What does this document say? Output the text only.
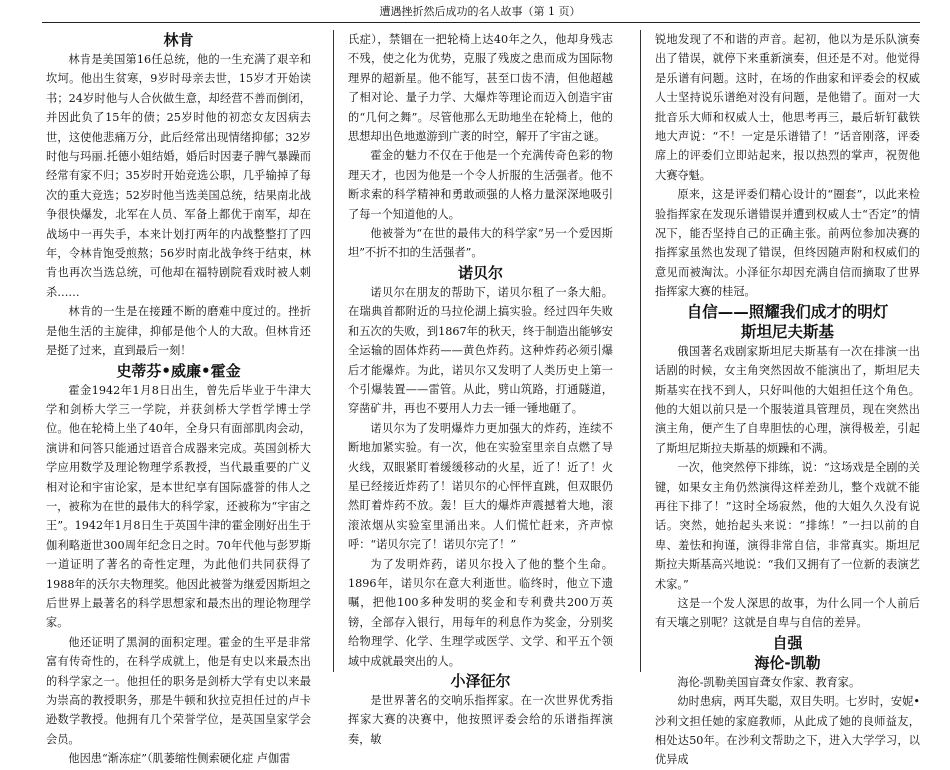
遭遇挫折然后成功的名人故事（第 1 页）
林肯

林肯是美国第16任总统，他的一生充满了艰辛和坎坷。他出生贫寒，9岁时母亲去世，15岁才开始读书；24岁时他与人合伙做生意，却经营不善而倒闭，并因此负了15年的债；25岁时他的初恋女友因病去世，这使他悲痛万分，此后经常出现情绪抑郁；32岁时他与玛丽.托德小姐结婚，婚后时因妻子脾气暴躁而经常有家不归；35岁时开始竞选公职，几乎输掉了每次的重大竞选；52岁时他当选美国总统，结果南北战争很快爆发，北军在人员、军备上都优于南军，却在战场中一再失手，本来计划打两年的内战整整打了四年，令林肯饱受煎熬；56岁时南北战争终于结束，林肯也再次当选总统，可他却在福特剧院看戏时被人刺杀……

林肯的一生是在接踵不断的磨难中度过的。挫折是他生活的主旋律，抑郁是他个人的大敌。但林肯还是挺了过来，直到最后一刻！

史蒂芬•威廉•霍金

霍金1942年1月8日出生，曾先后毕业于牛津大学和剑桥大学三一学院，并获剑桥大学哲学博士学位。他在轮椅上坐了40年，全身只有面部肌肉会动，演讲和问答只能通过语音合成器来完成。英国剑桥大学应用数学及理论物理学系教授，当代最重要的广义相对论和宇宙论家，是本世纪享有国际盛誉的伟人之一，被称为在世的最伟大的科学家，还被称为“宇宙之王”。1942年1月8日生于英国牛津的霍金刚好出生于伽利略逝世300周年纪念日之时。70年代他与彭罗斯一道证明了著名的奇性定理，为此他们共同获得了1988年的沃尔夫物理奖。他因此被誉为继爱因斯坦之后世界上最著名的科学思想家和最杰出的理论物理学家。

他还证明了黑洞的面积定理。霍金的生平是非常富有传奇性的，在科学成就上，他是有史以来最杰出的科学家之一。他担任的职务是剑桥大学有史以来最为崇高的教授职务，那是牛顿和狄拉克担任过的卢卡逊数学教授。他拥有几个荣誉学位，是英国皇家学会会员。

他因患“渐冻症”（肌萎缩性侧索硬化症 卢伽雷

氏症），禁锢在一把轮椅上达40年之久，他却身残志不残，使之化为优势，克服了残废之患而成为国际物理界的超新星。他不能写，甚至口齿不清，但他超越了相对论、量子力学、大爆炸等理论而迈入创造宇宙的“几何之舞”。尽管他那么无助地坐在轮椅上，他的思想却出色地遨游到广袤的时空，解开了宇宙之谜。

霍金的魅力不仅在于他是一个充满传奇色彩的物理天才，也因为他是一个令人折服的生活强者。他不断求索的科学精神和勇敢顽强的人格力量深深地吸引了每一个知道他的人。

他被誉为“在世的最伟大的科学家”另一个爱因斯坦”不折不扣的生活强者”。

诺贝尔

诺贝尔在朋友的帮助下，诺贝尔租了一条大船。在瑞典首都附近的马拉伦湖上搞实验。经过四年失败和五次的失败，到1867年的秋天，终于制造出能够安全运输的固体炸药——黄色炸药。这种炸药必须引爆后才能爆炸。为此，诺贝尔又发明了人类历史上第一个引爆装置——雷管。从此，劈山筑路，打通隧道，穿凿矿井，再也不要用人力去一锤一锤地砸了。

诺贝尔为了发明爆炸力更加强大的炸药，连续不断地加紧实验。有一次，他在实验室里亲自点燃了导火线，双眼紧盯着缓缓移动的火星，近了！近了！火星已经接近炸药了！诺贝尔的心怦怦直跳，但双眼仍然盯着炸药不放。轰！巨大的爆炸声震撼着大地，滚滚浓烟从实验室里涌出来。人们慌忙赶来，齐声惊呼：“诺贝尔完了！诺贝尔完了！”

为了发明炸药，诺贝尔投入了他的整个生命。1896年，诺贝尔在意大利逝世。临终时，他立下遗嘱，把他100多种发明的奖金和专利费共200万英镑，全部存入银行，用每年的利息作为奖金，分别奖给物理学、化学、生理学或医学、文学、和平五个领域中成就最突出的人。

小泽征尔

是世界著名的交响乐指挥家。在一次世界优秀指挥家大赛的决赛中，他按照评委会给的乐谱指挥演奏，敏

锐地发现了不和谐的声音。起初，他以为是乐队演奏出了错误，就停下来重新演奏，但还是不对。他觉得是乐谱有问题。这时，在场的作曲家和评委会的权威人士坚持说乐谱绝对没有问题，是他错了。面对一大批音乐大师和权威人士，他思考再三，最后斩钉截铁地大声说：“不！一定是乐谱错了！”话音刚落，评委席上的评委们立即站起来，报以热烈的掌声，祝贺他大赛夺魁。

原来，这是评委们精心设计的“圈套”，以此来检验指挥家在发现乐谱错误并遭到权威人士“否定”的情况下，能否坚持自己的正确主张。前两位参加决赛的指挥家虽然也发现了错误，但终因随声附和权威们的意见而被淘汰。小泽征尔却因充满自信而摘取了世界指挥家大赛的桂冠。

自信——照耀我们成才的明灯
斯坦尼夫斯基

俄国著名戏剧家斯坦尼夫斯基有一次在排演一出话剧的时候，女主角突然因故不能演出了，斯坦尼夫斯基实在找不到人，只好叫他的大姐担任这个角色。他的大姐以前只是一个服装道具管理员，现在突然出演主角，便产生了自卑胆怯的心理，演得极差，引起了斯坦尼斯拉夫斯基的烦躁和不满。

一次，他突然停下排练，说：“这场戏是全剧的关键，如果女主角仍然演得这样差劲儿，整个戏就不能再往下排了！”这时全场寂然，他的大姐久久没有说话。突然，她抬起头来说：“排练！”一扫以前的自卑、羞怯和拘谨，演得非常自信，非常真实。斯坦尼斯拉夫斯基高兴地说：“我们又拥有了一位新的表演艺术家。”

这是一个发人深思的故事，为什么同一个人前后有天壤之别呢？这就是自卑与自信的差异。

自强
海伦-凯勒

海伦-凯勒美国盲聋女作家、教育家。

幼时患病，两耳失聪，双目失明。七岁时，安妮•沙利文担任她的家庭教师，从此成了她的良师益友，相处达50年。在沙利文帮助之下，进入大学学习，以优异成
